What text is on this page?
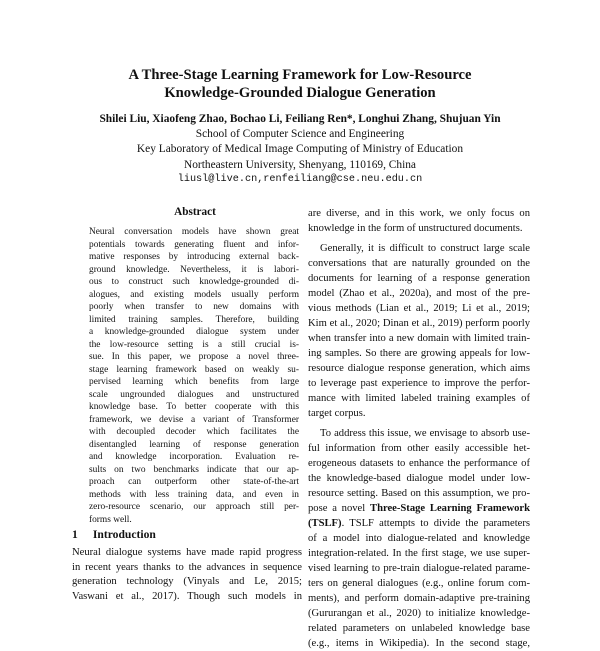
A Three-Stage Learning Framework for Low-Resource
Knowledge-Grounded Dialogue Generation
Shilei Liu, Xiaofeng Zhao, Bochao Li, Feiliang Ren*, Longhui Zhang, Shujuan Yin
School of Computer Science and Engineering
Key Laboratory of Medical Image Computing of Ministry of Education
Northeastern University, Shenyang, 110169, China
liusl@live.cn,renfeiliang@cse.neu.edu.cn
Abstract
Neural conversation models have shown great
potentials towards generating fluent and infor-
mative responses by introducing external back-
ground knowledge. Nevertheless, it is labori-
ous to construct such knowledge-grounded di-
alogues, and existing models usually perform
poorly when transfer to new domains with
limited training samples. Therefore, building
a knowledge-grounded dialogue system under
the low-resource setting is a still crucial is-
sue. In this paper, we propose a novel three-
stage learning framework based on weakly su-
pervised learning which benefits from large
scale ungrounded dialogues and unstructured
knowledge base. To better cooperate with this
framework, we devise a variant of Transformer
with decoupled decoder which facilitates the
disentangled learning of response generation
and knowledge incorporation. Evaluation re-
sults on two benchmarks indicate that our ap-
proach can outperform other state-of-the-art
methods with less training data, and even in
zero-resource scenario, our approach still per-
forms well.
1 Introduction
Neural dialogue systems have made rapid progress
in recent years thanks to the advances in sequence
generation technology (Vinyals and Le, 2015;
Vaswani et al., 2017). Though such models in
are diverse, and in this work, we only focus on
knowledge in the form of unstructured documents.
Generally, it is difficult to construct large scale
conversations that are naturally grounded on the
documents for learning of a response generation
model (Zhao et al., 2020a), and most of the pre-
vious methods (Lian et al., 2019; Li et al., 2019;
Kim et al., 2020; Dinan et al., 2019) perform poorly
when transfer into a new domain with limited train-
ing samples. So there are growing appeals for low-
resource dialogue response generation, which aims
to leverage past experience to improve the perfor-
mance with limited labeled training examples of
target corpus.
To address this issue, we envisage to absorb use-
ful information from other easily accessible het-
erogeneous datasets to enhance the performance of
the knowledge-based dialogue model under low-
resource setting. Based on this assumption, we pro-
pose a novel Three-Stage Learning Framework
(TSLF). TSLF attempts to divide the parameters
of a model into dialogue-related and knowledge
integration-related. In the first stage, we use super-
vised learning to pre-train dialogue-related parame-
ters on general dialogues (e.g., online forum com-
ments), and perform domain-adaptive pre-training
(Gururangan et al., 2020) to initialize knowledge-
related parameters on unlabeled knowledge base
(e.g., items in Wikipedia). In the second stage,
